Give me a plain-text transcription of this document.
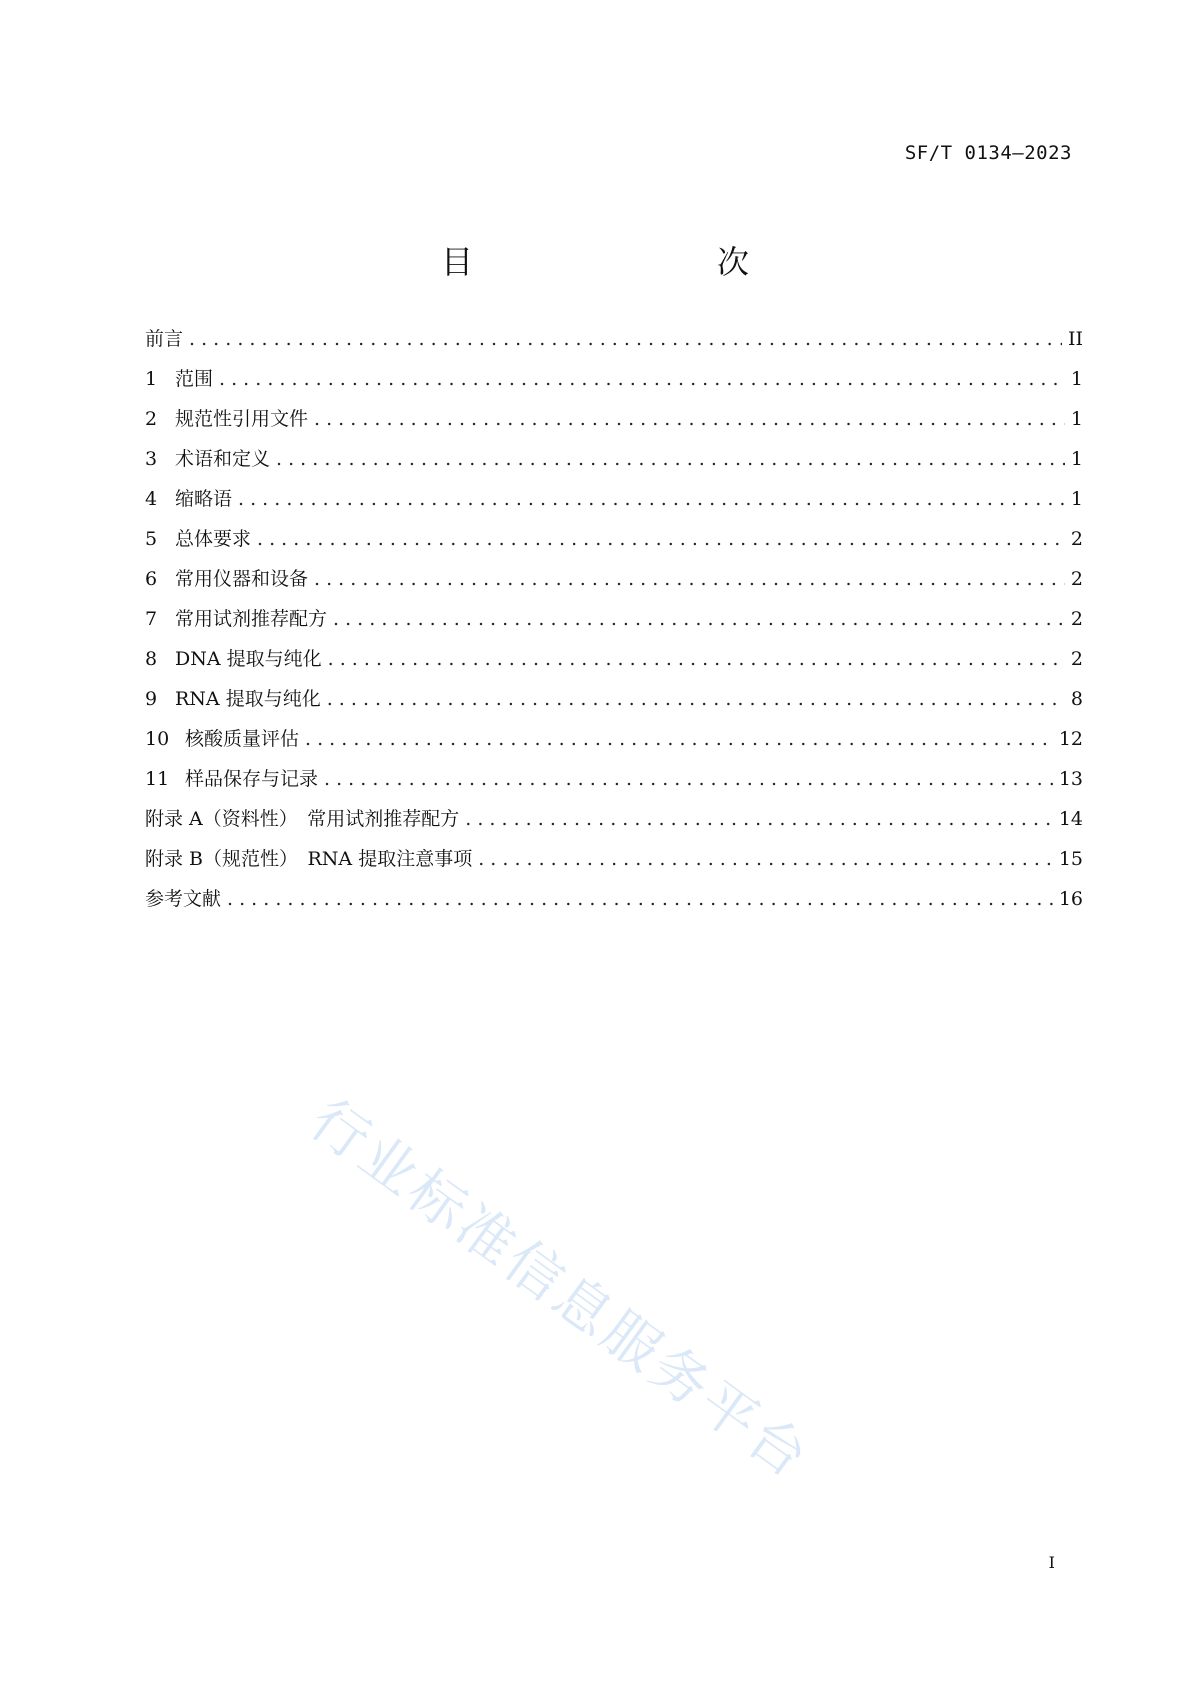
SF/T 0134—2023
目　　次
前言 . . .	II
1 范围 . . .	1
2 规范性引用文件 . . .	1
3 术语和定义 . . .	1
4 缩略语 . . .	1
5 总体要求 . . .	2
6 常用仪器和设备 . . .	2
7 常用试剂推荐配方 . . .	2
8 DNA 提取与纯化 . . .	2
9 RNA 提取与纯化 . . .	8
10 核酸质量评估 . . .	12
11 样品保存与记录 . . .	13
附录 A（资料性）　常用试剂推荐配方 . . .	14
附录 B（规范性）　RNA 提取注意事项 . . .	15
参考文献 . . .	16
行业标准信息服务平台
I
